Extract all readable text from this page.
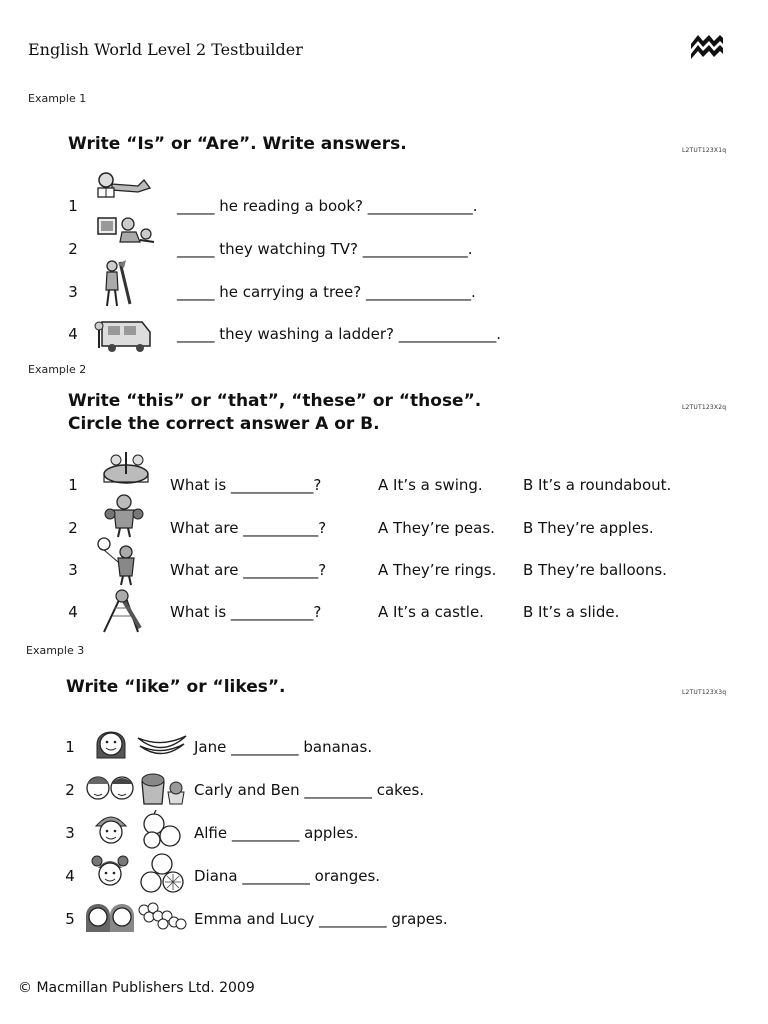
English World Level 2 Testbuilder
Example 1
Write “Is” or “Are”. Write answers.	L2TUT123X1q
1	_____ he reading a book? ______________.
2	_____ they watching TV? ______________.
3	_____ he carrying a tree? ______________.
4	_____ they washing a ladder? _____________.
Example 2
Write “this” or “that”, “these” or “those”.
Circle the correct answer A or B.
L2TUT123X2q
1	What is ___________?	A It’s a swing.	B It’s a roundabout.
2	What are __________?	A They’re peas. B They’re apples.
3	What are __________?	A They’re rings. B They’re balloons.
4	What is ___________?	A It’s a castle.	B It’s a slide.
Example 3
Write “like” or “likes”.	L2TUT123X3q
1	Jane _________ bananas.
2	Carly and Ben _________ cakes.
3	Alfie _________ apples.
4	Diana _________ oranges.
5	Emma and Lucy _________ grapes.
© Macmillan Publishers Ltd. 2009
